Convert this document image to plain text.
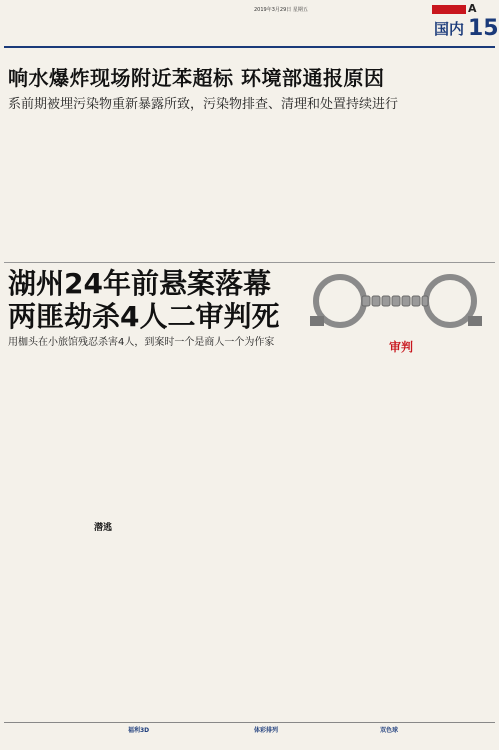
2019年3月29日 星期五	A
国内 15
响水爆炸现场附近苯超标 环境部通报原因
系前期被埋污染物重新暴露所致，污染物排查、清理和处置持续进行
湖州24年前悬案落幕
两匪劫杀4人二审判死
用枷头在小旅馆残忍杀害4人，到案时一个是商人一个为作家	审判

潜逃
福利3D	体彩排列	双色球
